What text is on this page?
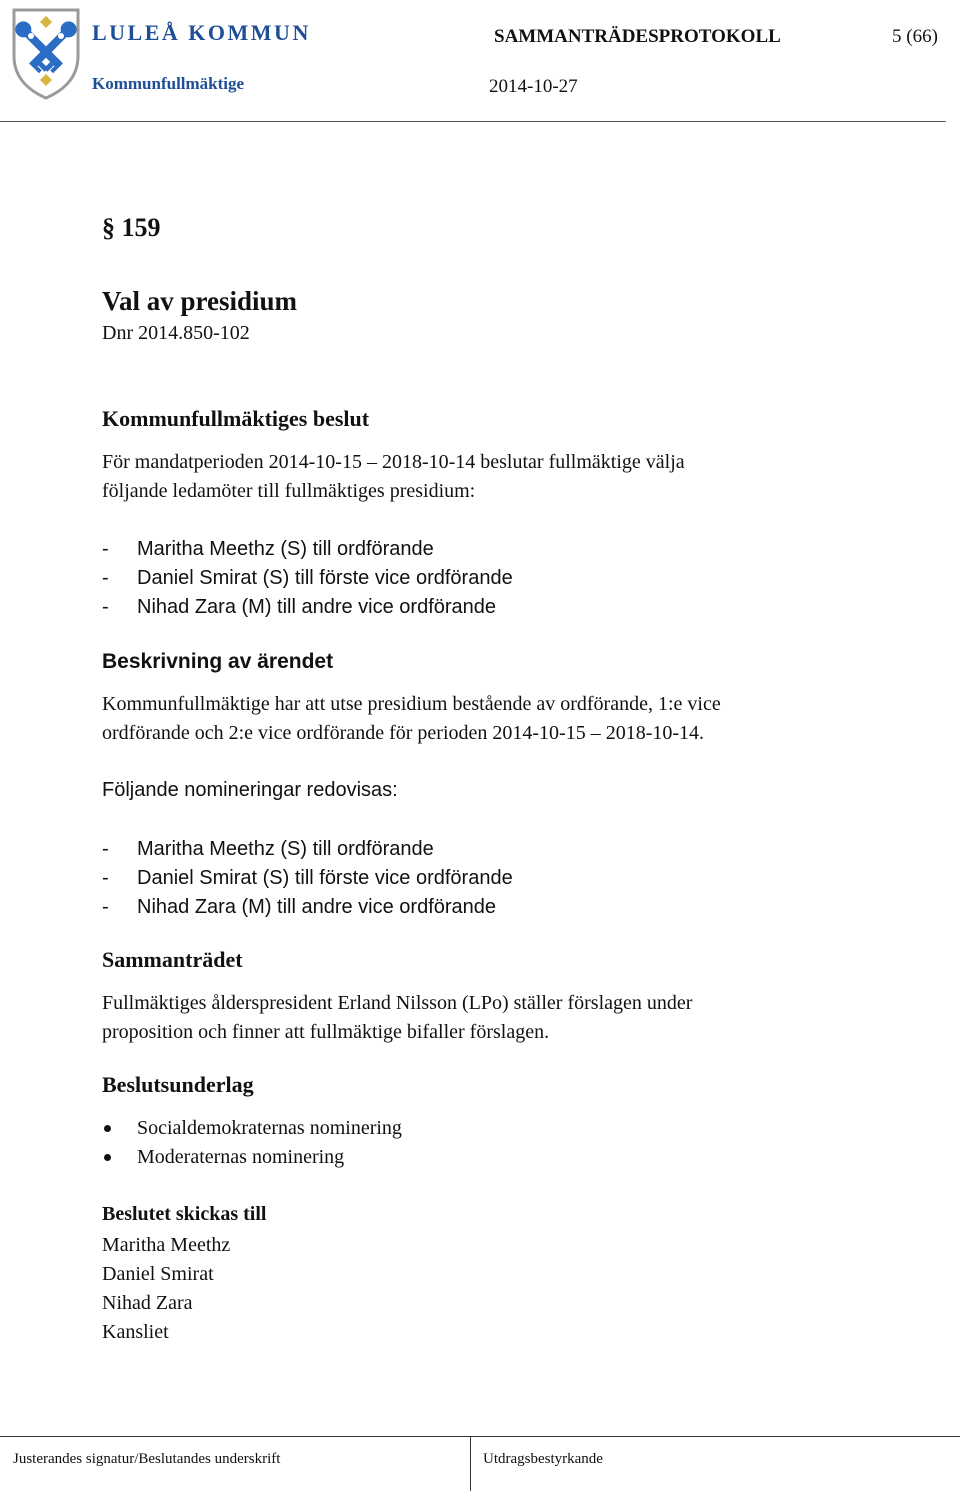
LULEÅ KOMMUN
Kommunfullmäktige
SAMMANTRÄDESPROTOKOLL	5 (66)
2014-10-27
§ 159
Val av presidium
Dnr 2014.850-102
Kommunfullmäktiges beslut
För mandatperioden 2014-10-15 – 2018-10-14 beslutar fullmäktige välja
följande ledamöter till fullmäktiges presidium:
- Maritha Meethz (S) till ordförande
- Daniel Smirat (S) till förste vice ordförande
- Nihad Zara (M) till andre vice ordförande
Beskrivning av ärendet
Kommunfullmäktige har att utse presidium bestående av ordförande, 1:e vice
ordförande och 2:e vice ordförande för perioden 2014-10-15 – 2018-10-14.
Följande nomineringar redovisas:
- Maritha Meethz (S) till ordförande
- Daniel Smirat (S) till förste vice ordförande
- Nihad Zara (M) till andre vice ordförande
Sammanträdet
Fullmäktiges ålderspresident Erland Nilsson (LPo) ställer förslagen under
proposition och finner att fullmäktige bifaller förslagen.
Beslutsunderlag
Socialdemokraternas nominering
Moderaternas nominering
Beslutet skickas till
Maritha Meethz
Daniel Smirat
Nihad Zara
Kansliet
Justerandes signatur/Beslutandes underskrift	Utdragsbestyrkande
